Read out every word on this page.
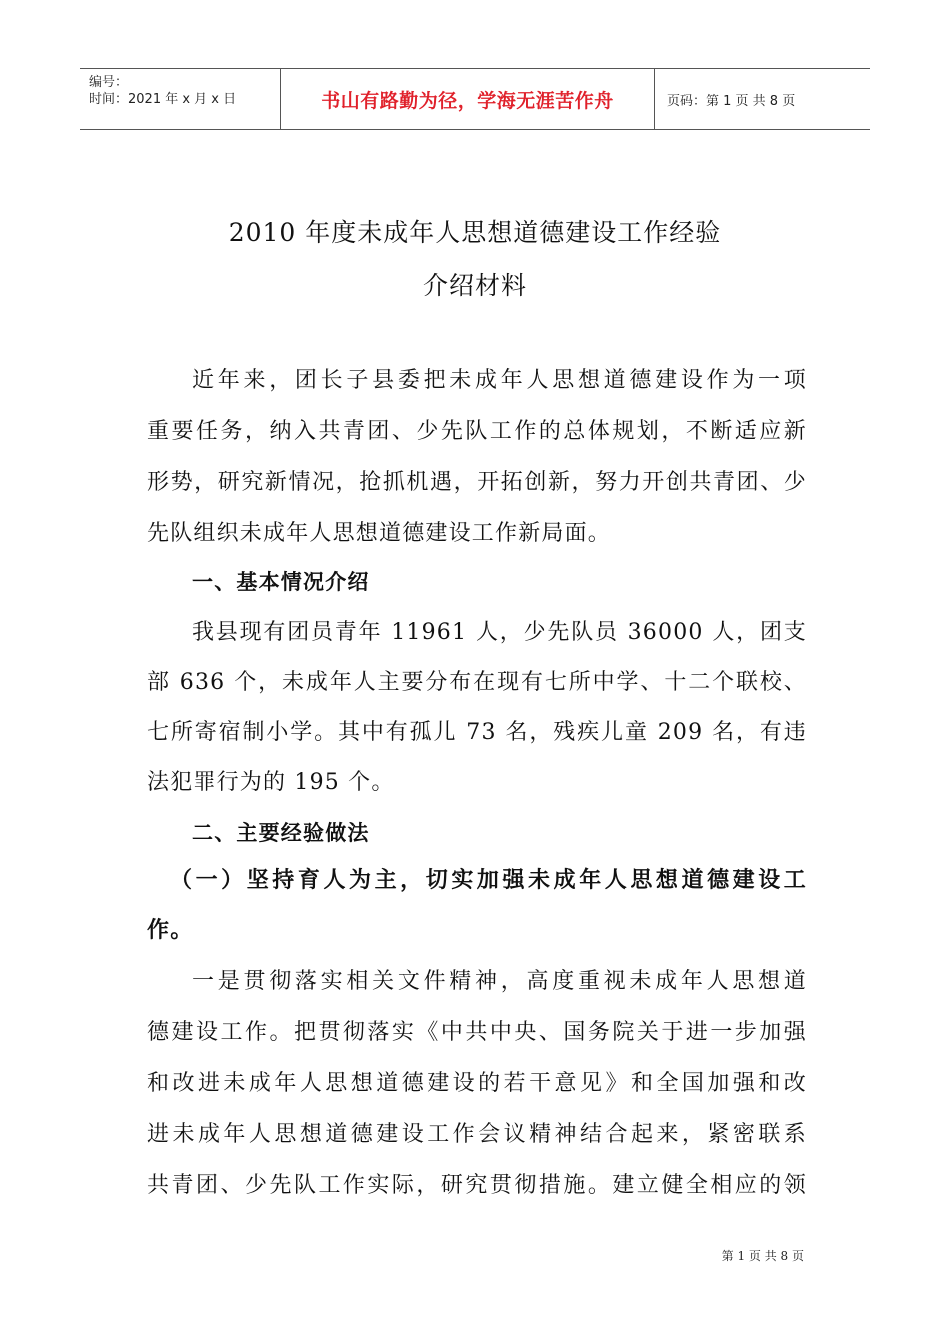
编号：
时间：2021 年 x 月 x 日	书山有路勤为径，学海无涯苦作舟	页码：第 1 页 共 8 页
2010 年度未成年人思想道德建设工作经验
介绍材料
近年来，团长子县委把未成年人思想道德建设作为一项
重要任务，纳入共青团、少先队工作的总体规划，不断适应新
形势，研究新情况，抢抓机遇，开拓创新，努力开创共青团、少
先队组织未成年人思想道德建设工作新局面。
一、基本情况介绍
我县现有团员青年 11961 人，少先队员 36000 人，团支
部 636 个，未成年人主要分布在现有七所中学、十二个联校、
七所寄宿制小学。其中有孤儿 73 名，残疾儿童 209 名，有违
法犯罪行为的 195 个。
二、主要经验做法
（一）坚持育人为主，切实加强未成年人思想道德建设工
作。
一是贯彻落实相关文件精神，高度重视未成年人思想道
德建设工作。把贯彻落实《中共中央、国务院关于进一步加强
和改进未成年人思想道德建设的若干意见》和全国加强和改
进未成年人思想道德建设工作会议精神结合起来，紧密联系
共青团、少先队工作实际，研究贯彻措施。建立健全相应的领
第 1 页 共 8 页
